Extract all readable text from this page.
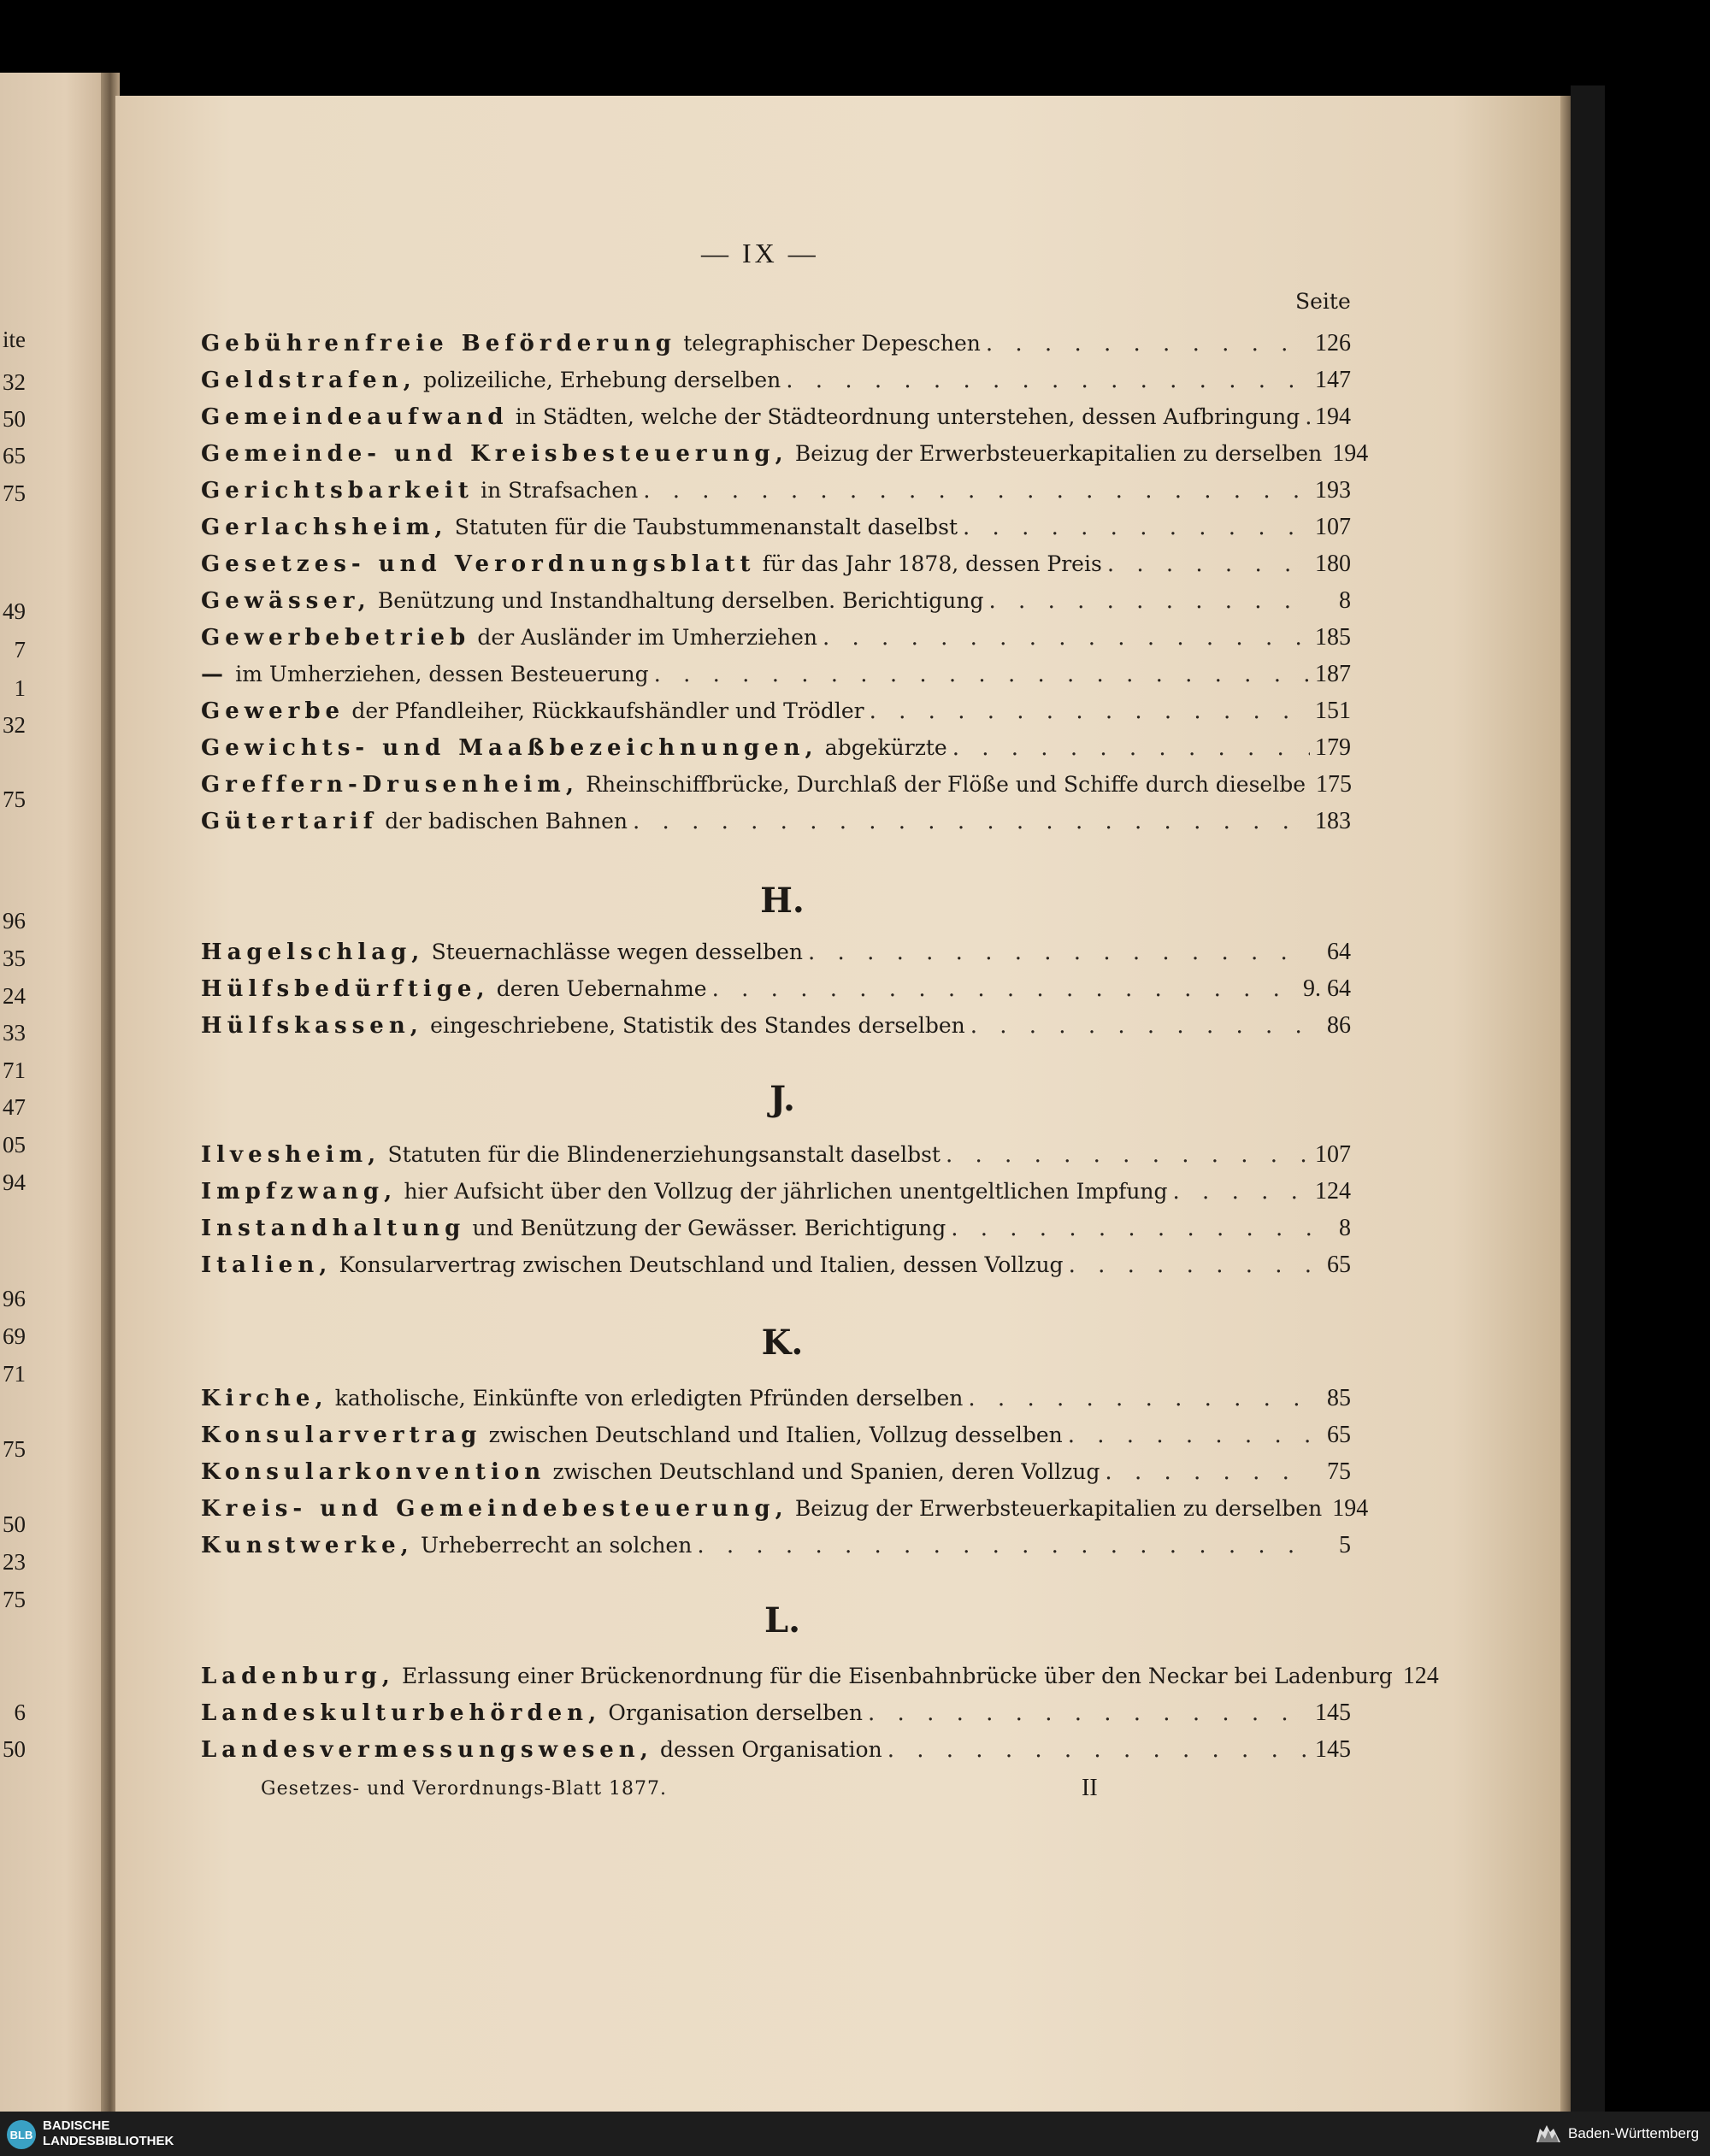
ite
32
50
65
75
49
7
1
32
75
96
35
24
33
71
47
05
94
96
69
71
75
50
23
75
6
50
— IX —
Seite
Gebührenfreie Beförderung
telegraphischer Depeschen . . .	126
Geldstrafen,
polizeiliche, Erhebung derselben . . .	147
Gemeindeaufwand
in Städten, welche der Städteordnung unterstehen, dessen Aufbringung . . . 194
Gemeinde- und Kreisbesteuerung,
Beizug der Erwerbsteuerkapitalien zu derselben 194
Gerichtsbarkeit
in Strafsachen . . .	193
Gerlachsheim,
Statuten für die Taubstummenanstalt daselbst . . .	107
Gesetzes- und Verordnungsblatt
für das Jahr 1878, dessen Preis . . .	180
Gewässer,
Benützung und Instandhaltung derselben. Berichtigung . . .	8
Gewerbebetrieb
der Ausländer im Umherziehen . . .	185
—
im Umherziehen, dessen Besteuerung . . .	187
Gewerbe
der Pfandleiher, Rückkaufshändler und Trödler . . .	151
Gewichts- und Maaßbezeichnungen,
abgekürzte . . .	179
Greffern-Drusenheim,
Rheinschiffbrücke, Durchlaß der Flöße und Schiffe durch dieselbe 175
Gütertarif
der badischen Bahnen . . .	183
H.
Hagelschlag,
Steuernachlässe wegen desselben . . .	64
Hülfsbedürftige,
deren Uebernahme . . .	9. 64
Hülfskassen,
eingeschriebene, Statistik des Standes derselben . . .	86
J.
Ilvesheim,
Statuten für die Blindenerziehungsanstalt daselbst . . .	107
Impfzwang,
hier Aufsicht über den Vollzug der jährlichen unentgeltlichen Impfung . . .	124
Instandhaltung
und Benützung der Gewässer. Berichtigung . . .	8
Italien,
Konsularvertrag zwischen Deutschland und Italien, dessen Vollzug . . .	65
K.
Kirche,
katholische, Einkünfte von erledigten Pfründen derselben . . .	85
Konsularvertrag
zwischen Deutschland und Italien, Vollzug desselben . . .	65
Konsularkonvention
zwischen Deutschland und Spanien, deren Vollzug . . .	75
Kreis- und Gemeindebesteuerung,
Beizug der Erwerbsteuerkapitalien zu derselben 194
Kunstwerke,
Urheberrecht an solchen . . .	5
L.
Ladenburg,
Erlassung einer Brückenordnung für die Eisenbahnbrücke über den Neckar bei Ladenburg 124
Landeskulturbehörden,
Organisation derselben . . .	145
Landesvermessungswesen,
dessen Organisation . . .	145
Gesetzes- und Verordnungs-Blatt 1877.	II
BLB
BADISCHE
LANDESBIBLIOTHEK	Baden-Württemberg
